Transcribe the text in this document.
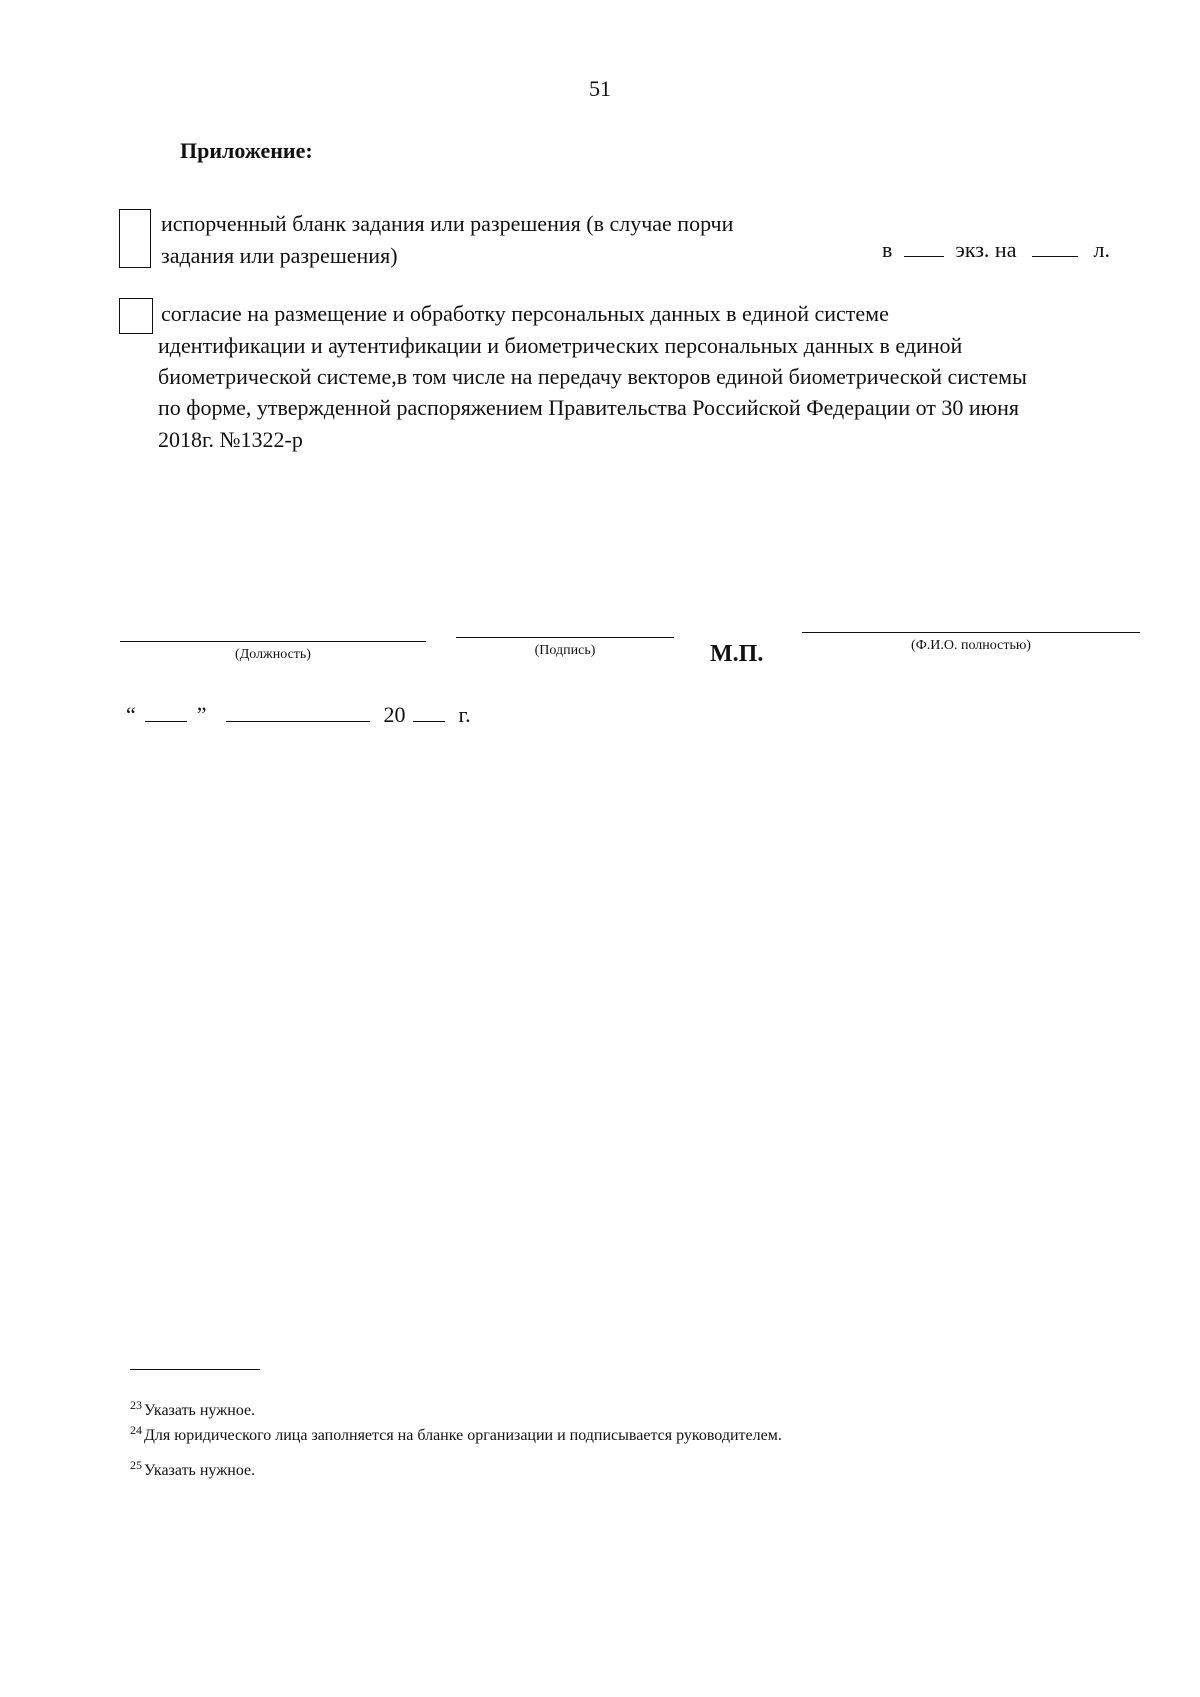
51
Приложение:
испорченный бланк задания или разрешения (в случае порчи
задания или разрешения)	в	экз. на	л.
согласие на размещение и обработку персональных данных в единой системе
идентификации и аутентификации и биометрических персональных данных в единой
биометрической системе,в том числе на передачу векторов единой биометрической системы
по форме, утвержденной распоряжением Правительства Российской Федерации от 30 июня
2018г. №1322-р
(Должность)	(Подпись)	М.П.	(Ф.И.О. полностью)
“	”	20 г.
$^{23}$ Указать нужное.
$^{24}$ Для юридического лица заполняется на бланке организации и подписывается руководителем.
$^{25}$ Указать нужное.
